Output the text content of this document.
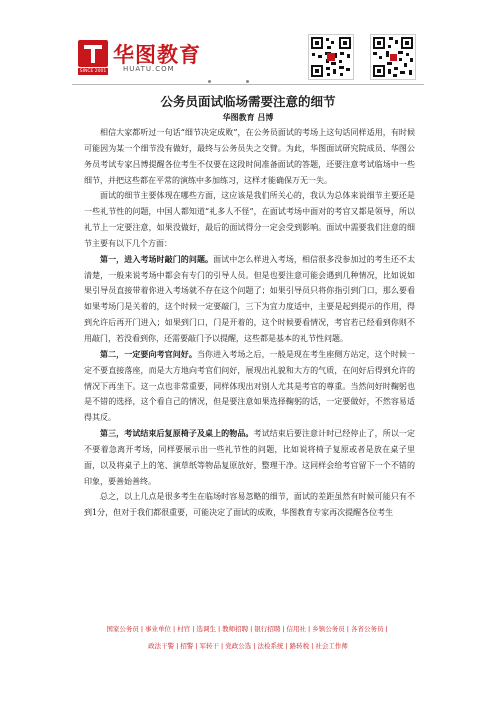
SINCE 2001
华图教育
HUATU.COM
公务员面试临场需要注意的细节
华图教育 吕博

相信大家都听过一句话“细节决定成败”，在公务员面试的考场上这句话同样适用，有时候可能因为某一个细节没有做好，最终与公务员失之交臂。为此，华图面试研究院成员、华图公务员考试专家吕博提醒各位考生不仅要在这段时间准备面试的答题，还要注意考试临场中一些细节，并把这些都在平常的演练中多加练习，这样才能确保万无一失。

面试的细节主要体现在哪些方面，这应该是我们所关心的，我认为总体来说细节主要还是一些礼节性的问题，中国人都知道“礼多人不怪”，在面试考场中面对的考官又都是领导，所以礼节上一定要注意，如果没做好，最后的面试得分一定会受到影响。面试中需要我们注意的细节主要有以下几个方面：

第一，进入考场时敲门的问题。面试中怎么样进入考场，相信很多没参加过的考生还不太清楚，一般来说考场中都会有专门的引导人员。但是也要注意可能会遇到几种情况，比如说如果引导员直接带着你进入考场就不存在这个问题了；如果引导员只将你指引到门口，那么要看如果考场门是关着的，这个时候一定要敲门，三下为宜力度适中，主要是起到提示的作用，得到允许后再开门进入；如果到门口，门是开着的，这个时候要看情况，考官若已经看到你则不用敲门，若没看到你，还需要敲门予以提醒，这些都是基本的礼节性问题。

第二，一定要向考官问好。当你进入考场之后，一般是现在考生座侧方站定，这个时候一定不要直接落座，而是大方地向考官们问好，展现出礼貌和大方的气质，在问好后得到允许的情况下再坐下。这一点也非常重要，同样体现出对别人尤其是考官的尊重。当然问好时鞠躬也是不错的选择，这个看自己的情况，但是要注意如果选择鞠躬的话，一定要做好，不然容易适得其反。

第三，考试结束后复原椅子及桌上的物品。考试结束后要注意计时已经停止了，所以一定不要着急离开考场，同样要展示出一些礼节性的问题，比如说将椅子复原或者是放在桌子里面，以及将桌子上的笔、演草纸等物品复原放好，整理干净。这同样会给考官留下一个不错的印象，要善始善终。

总之，以上几点是很多考生在临场时容易忽略的细节，面试的差距虽然有时候可能只有不到1分，但对于我们都很重要，可能决定了面试的成败，华图教育专家再次提醒各位考生

国家公务员 | 事业单位 | 村官 | 选调生 | 教师招聘 | 银行招聘 | 信用社 | 乡镇公务员 | 各省公务员 |
政法干警 | 招警 | 军转干 | 党政公选 | 法检系统 | 路转税 | 社会工作师
